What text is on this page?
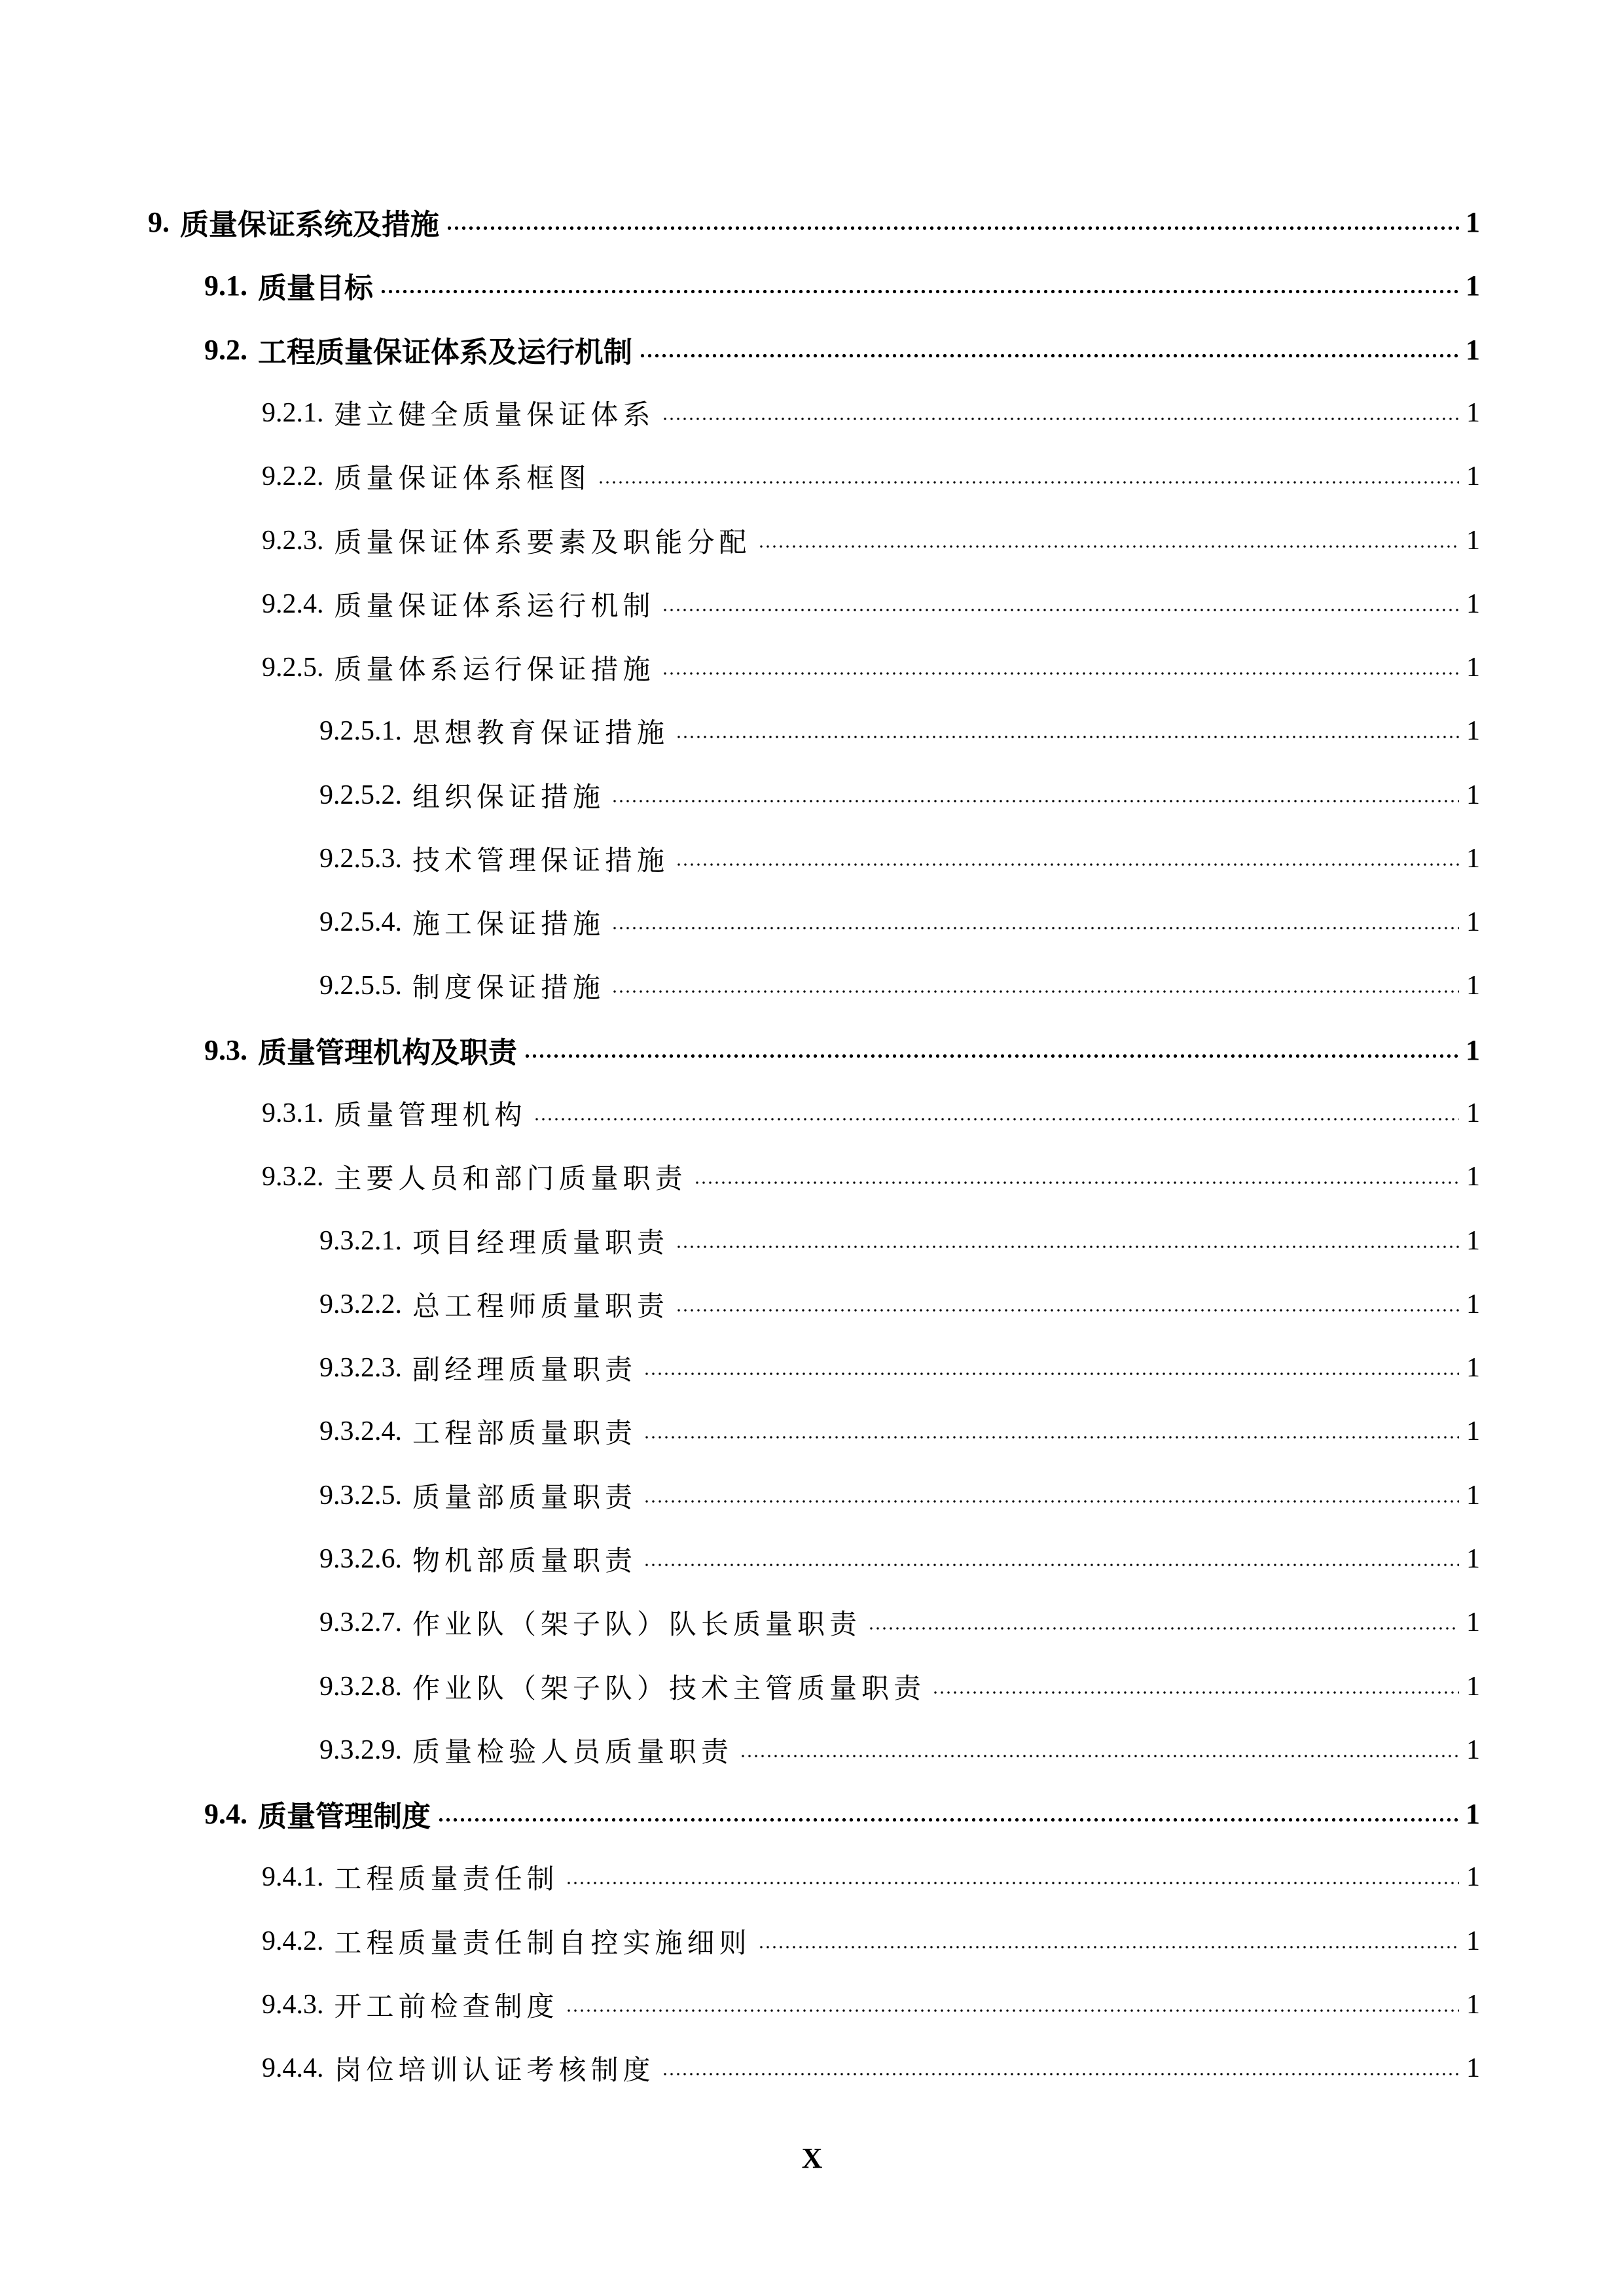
9. 质量保证系统及措施	1
9.1. 质量目标	1
9.2. 工程质量保证体系及运行机制	1
9.2.1. 建立健全质量保证体系	1
9.2.2. 质量保证体系框图	1
9.2.3. 质量保证体系要素及职能分配	1
9.2.4. 质量保证体系运行机制	1
9.2.5. 质量体系运行保证措施	1
9.2.5.1. 思想教育保证措施	1
9.2.5.2. 组织保证措施	1
9.2.5.3. 技术管理保证措施	1
9.2.5.4. 施工保证措施	1
9.2.5.5. 制度保证措施	1
9.3. 质量管理机构及职责	1
9.3.1. 质量管理机构	1
9.3.2. 主要人员和部门质量职责	1
9.3.2.1. 项目经理质量职责	1
9.3.2.2. 总工程师质量职责	1
9.3.2.3. 副经理质量职责	1
9.3.2.4. 工程部质量职责	1
9.3.2.5. 质量部质量职责	1
9.3.2.6. 物机部质量职责	1
9.3.2.7. 作业队（架子队）队长质量职责	1
9.3.2.8. 作业队（架子队）技术主管质量职责	1
9.3.2.9. 质量检验人员质量职责	1
9.4. 质量管理制度	1
9.4.1. 工程质量责任制	1
9.4.2. 工程质量责任制自控实施细则	1
9.4.3. 开工前检查制度	1
9.4.4. 岗位培训认证考核制度	1
X
